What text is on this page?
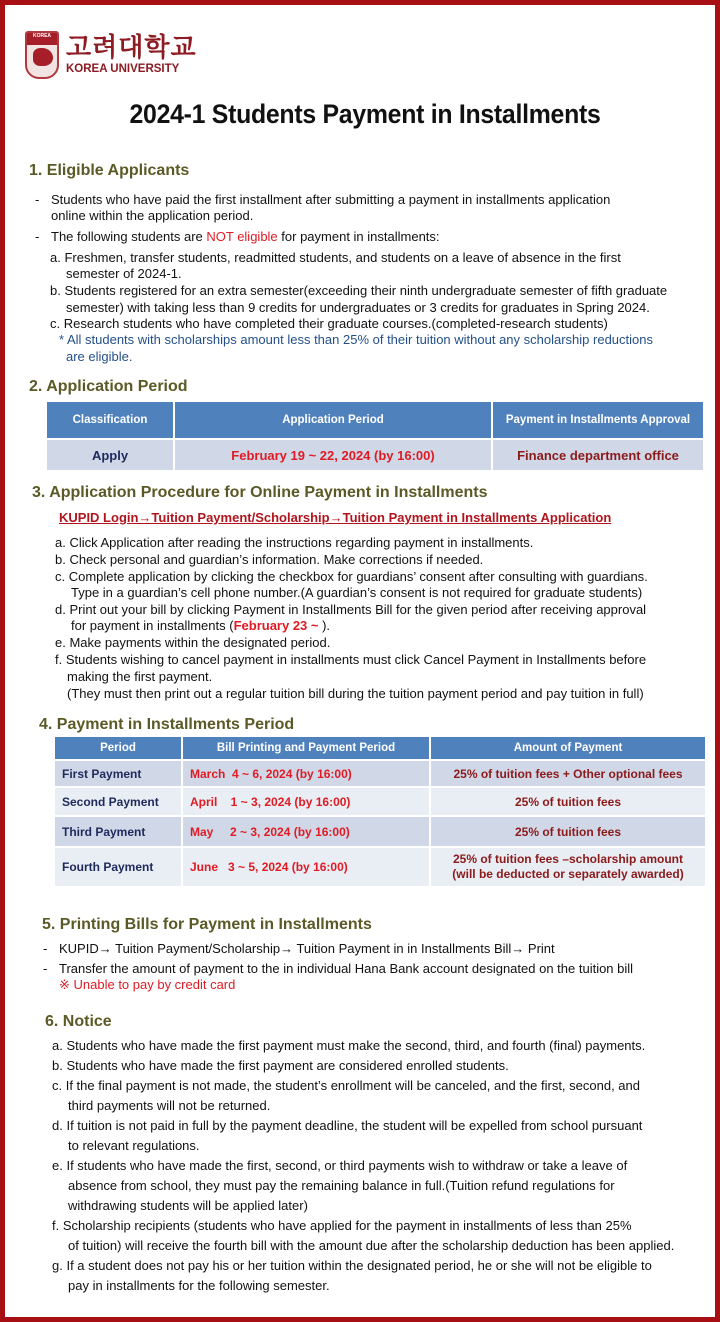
KOREA 고려대학교
KOREA UNIVERSITY
2024-1 Students Payment in Installments
1. Eligible Applicants
- Students who have paid the first installment after submitting a payment in installments application
online within the application period.
- The following students are NOT eligible for payment in installments:
a. Freshmen, transfer students, readmitted students, and students on a leave of absence in the first
semester of 2024-1.
b. Students registered for an extra semester(exceeding their ninth undergraduate semester of fifth graduate
semester) with taking less than 9 credits for undergraduates or 3 credits for graduates in Spring 2024.
c. Research students who have completed their graduate courses.(completed-research students)
* All students with scholarships amount less than 25% of their tuition without any scholarship reductions
are eligible.
2. Application Period
Classification	Application Period	Payment in Installments Approval
Apply	February 19 ~ 22, 2024 (by 16:00)	Finance department office
3. Application Procedure for Online Payment in Installments
KUPID Login→Tuition Payment/Scholarship→Tuition Payment in Installments Application
a. Click Application after reading the instructions regarding payment in installments.
b. Check personal and guardian’s information. Make corrections if needed.
c. Complete application by clicking the checkbox for guardians’ consent after consulting with guardians.
Type in a guardian’s cell phone number.(A guardian’s consent is not required for graduate students)
d. Print out your bill by clicking Payment in Installments Bill for the given period after receiving approval
for payment in installments (February 23 ~ ).
e. Make payments within the designated period.
f. Students wishing to cancel payment in installments must click Cancel Payment in Installments before
making the first payment.
(They must then print out a regular tuition bill during the tuition payment period and pay tuition in full)
4. Payment in Installments Period
Period	Bill Printing and Payment Period	Amount of Payment
First Payment	March  4 ~ 6, 2024 (by 16:00)	25% of tuition fees + Other optional fees
Second Payment	April    1 ~ 3, 2024 (by 16:00)	25% of tuition fees
Third Payment	May     2 ~ 3, 2024 (by 16:00)	25% of tuition fees
Fourth Payment	June   3 ~ 5, 2024 (by 16:00)	25% of tuition fees –scholarship amount
(will be deducted or separately awarded)
5. Printing Bills for Payment in Installments
- KUPID→ Tuition Payment/Scholarship→ Tuition Payment in in Installments Bill→ Print
- Transfer the amount of payment to the in individual Hana Bank account designated on the tuition bill
※ Unable to pay by credit card
6. Notice
a. Students who have made the first payment must make the second, third, and fourth (final) payments.
b. Students who have made the first payment are considered enrolled students.
c. If the final payment is not made, the student’s enrollment will be canceled, and the first, second, and
third payments will not be returned.
d. If tuition is not paid in full by the payment deadline, the student will be expelled from school pursuant
to relevant regulations.
e. If students who have made the first, second, or third payments wish to withdraw or take a leave of
absence from school, they must pay the remaining balance in full.(Tuition refund regulations for
withdrawing students will be applied later)
f. Scholarship recipients (students who have applied for the payment in installments of less than 25%
of tuition) will receive the fourth bill with the amount due after the scholarship deduction has been applied.
g. If a student does not pay his or her tuition within the designated period, he or she will not be eligible to
pay in installments for the following semester.
